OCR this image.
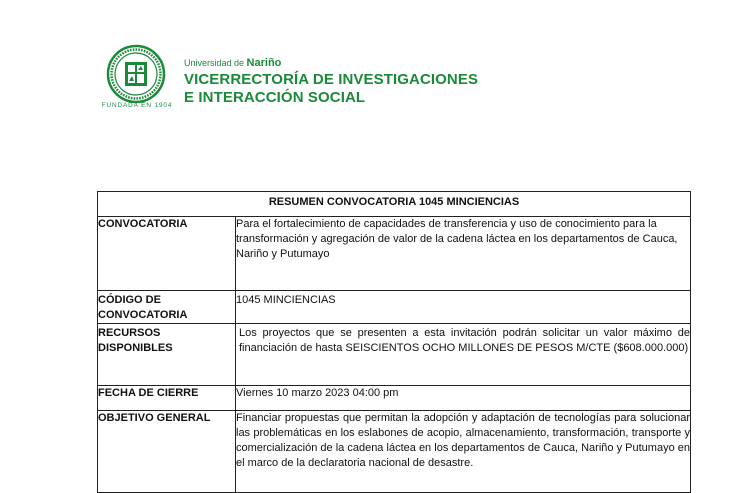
FUNDADA EN 1904
Universidad de Nariño
VICERRECTORÍA DE INVESTIGACIONES
E INTERACCIÓN SOCIAL
RESUMEN CONVOCATORIA 1045 MINCIENCIAS	
CONVOCATORIA	Para el fortalecimiento de capacidades de transferencia y uso de conocimiento para la transformación y agregación de valor de la cadena láctea en los departamentos de Cauca, Nariño y Putumayo
CÓDIGO DE CONVOCATORIA	1045 MINCIENCIAS
RECURSOS DISPONIBLES	Los proyectos que se presenten a esta invitación podrán solicitar un valor máximo de financiación de hasta SEISCIENTOS OCHO MILLONES DE PESOS M/CTE ($608.000.000)
FECHA DE CIERRE	Viernes 10 marzo 2023 04:00 pm
OBJETIVO GENERAL	Financiar propuestas que permitan la adopción y adaptación de tecnologías para solucionar las problemáticas en los eslabones de acopio, almacenamiento, transformación, transporte y comercialización de la cadena láctea en los departamentos de Cauca, Nariño y Putumayo en el marco de la declaratoria nacional de desastre.
